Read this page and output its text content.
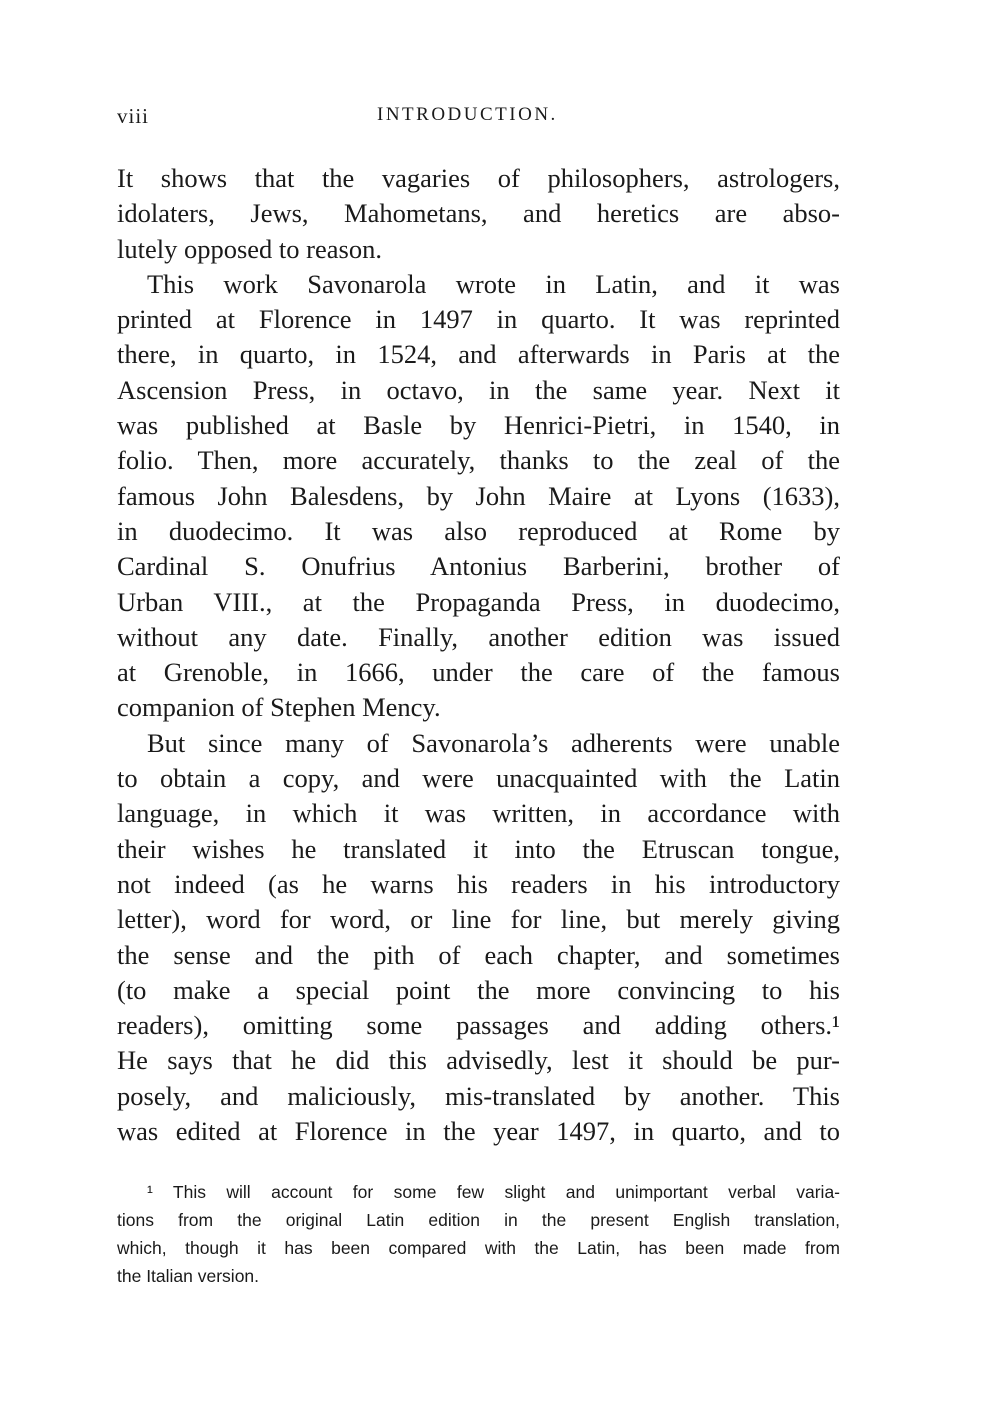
viii	INTRODUCTION.
It shows that the vagaries of philosophers, astrologers,
idolaters, Jews, Mahometans, and heretics are abso-
lutely opposed to reason.
This work Savonarola wrote in Latin, and it was
printed at Florence in 1497 in quarto. It was reprinted
there, in quarto, in 1524, and afterwards in Paris at the
Ascension Press, in octavo, in the same year. Next it
was published at Basle by Henrici-Pietri, in 1540, in
folio. Then, more accurately, thanks to the zeal of the
famous John Balesdens, by John Maire at Lyons (1633),
in duodecimo. It was also reproduced at Rome by
Cardinal S. Onufrius Antonius Barberini, brother of
Urban VIII., at the Propaganda Press, in duodecimo,
without any date. Finally, another edition was issued
at Grenoble, in 1666, under the care of the famous
companion of Stephen Mency.
But since many of Savonarola’s adherents were unable
to obtain a copy, and were unacquainted with the Latin
language, in which it was written, in accordance with
their wishes he translated it into the Etruscan tongue,
not indeed (as he warns his readers in his introductory
letter), word for word, or line for line, but merely giving
the sense and the pith of each chapter, and sometimes
(to make a special point the more convincing to his
readers), omitting some passages and adding others.¹
He says that he did this advisedly, lest it should be pur-
posely, and maliciously, mis-translated by another. This
was edited at Florence in the year 1497, in quarto, and to
¹ This will account for some few slight and unimportant verbal varia-
tions from the original Latin edition in the present English translation,
which, though it has been compared with the Latin, has been made from
the Italian version.
